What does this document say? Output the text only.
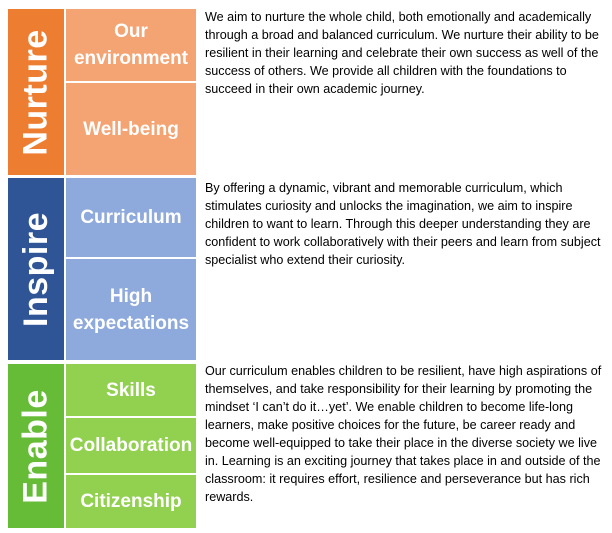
Nurture	Our environment
Well-being

We aim to nurture the whole child, both emotionally and academically through a broad and balanced curriculum. We nurture their ability to be resilient in their learning and celebrate their own success as well of the success of others. We provide all children with the foundations to succeed in their own academic journey.

Inspire Curriculum
High expectations

By offering a dynamic, vibrant and memorable curriculum, which stimulates curiosity and unlocks the imagination, we aim to inspire children to want to learn. Through this deeper understanding they are confident to work collaboratively with their peers and learn from subject specialist who extend their curiosity.

Enable	Skills
Collaboration
Citizenship

Our curriculum enables children to be resilient, have high aspirations of themselves, and take responsibility for their learning by promoting the mindset ‘I can’t do it…yet’. We enable children to become life-long learners, make positive choices for the future, be career ready and become well-equipped to take their place in the diverse society we live in. Learning is an exciting journey that takes place in and outside of the classroom: it requires effort, resilience and perseverance but has rich rewards.
